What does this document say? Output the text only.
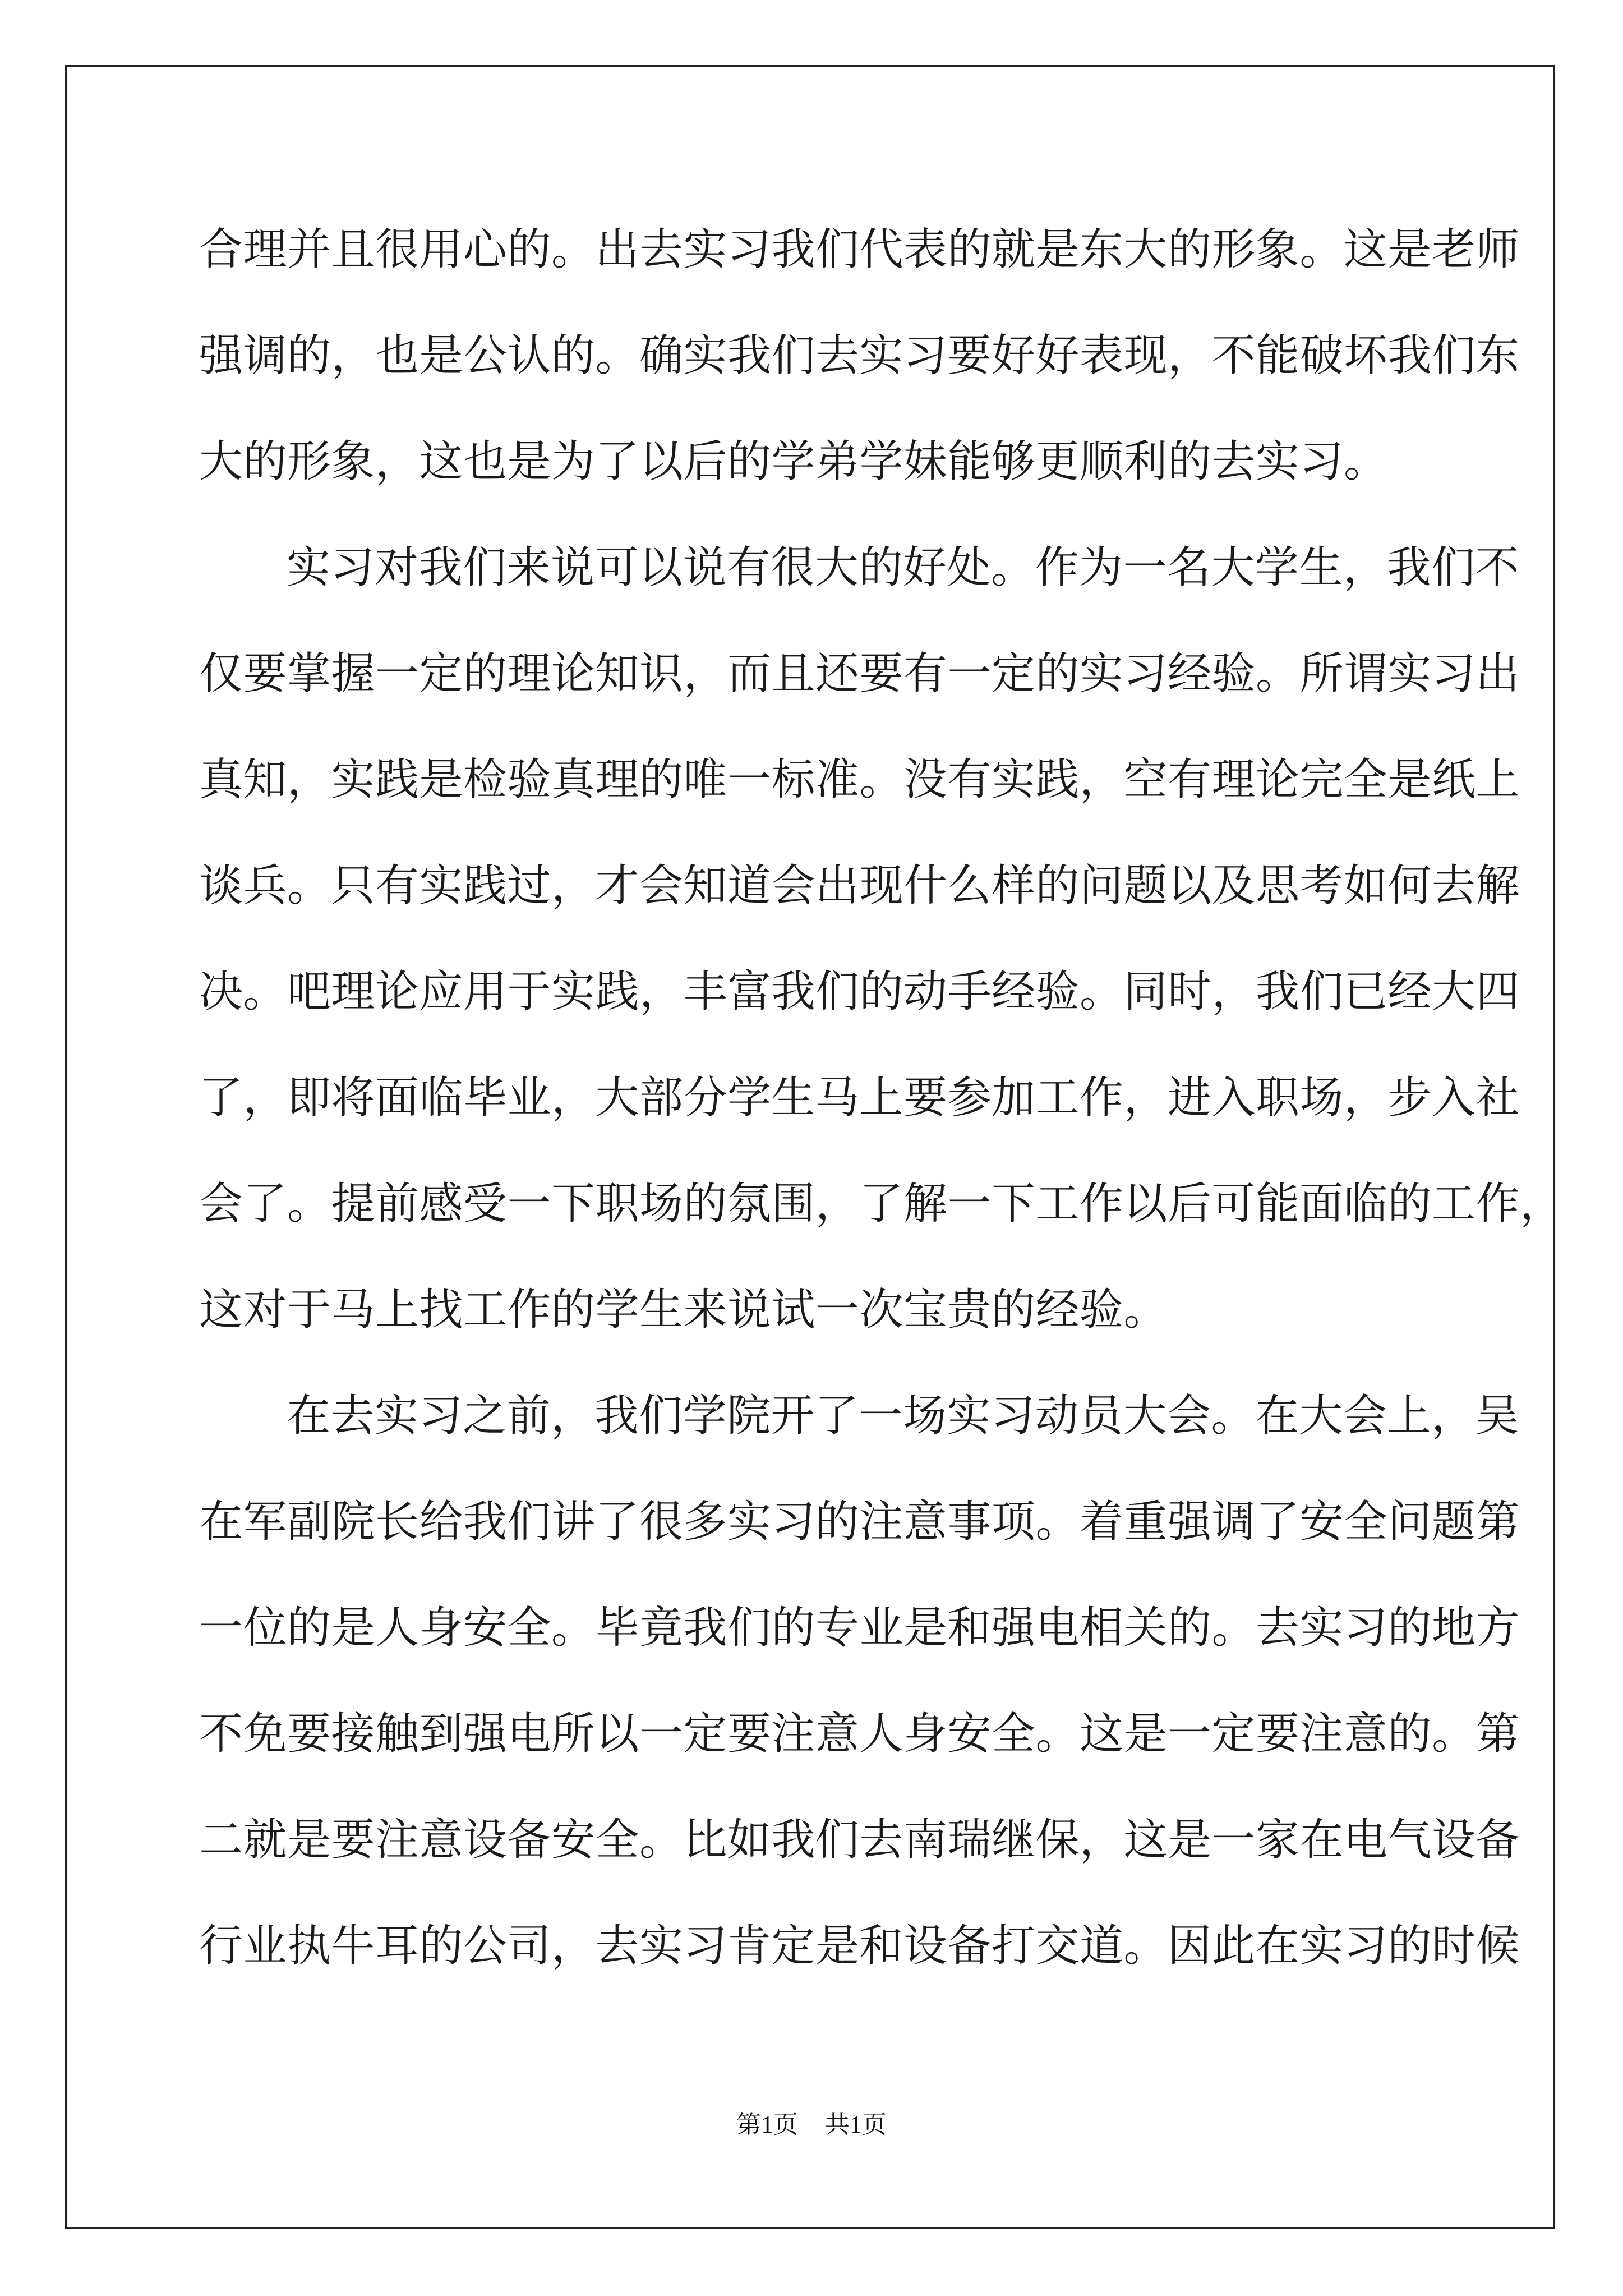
合理并且很用心的。出去实习我们代表的就是东大的形象。这是老师
强调的，也是公认的。确实我们去实习要好好表现，不能破坏我们东
大的形象，这也是为了以后的学弟学妹能够更顺利的去实习。
实习对我们来说可以说有很大的好处。作为一名大学生，我们不
仅要掌握一定的理论知识，而且还要有一定的实习经验。所谓实习出
真知，实践是检验真理的唯一标准。没有实践，空有理论完全是纸上
谈兵。只有实践过，才会知道会出现什么样的问题以及思考如何去解
决。吧理论应用于实践，丰富我们的动手经验。同时，我们已经大四
了，即将面临毕业，大部分学生马上要参加工作，进入职场，步入社
会了。提前感受一下职场的氛围，了解一下工作以后可能面临的工作，
这对于马上找工作的学生来说试一次宝贵的经验。
在去实习之前，我们学院开了一场实习动员大会。在大会上，吴
在军副院长给我们讲了很多实习的注意事项。着重强调了安全问题第
一位的是人身安全。毕竟我们的专业是和强电相关的。去实习的地方
不免要接触到强电所以一定要注意人身安全。这是一定要注意的。第
二就是要注意设备安全。比如我们去南瑞继保，这是一家在电气设备
行业执牛耳的公司，去实习肯定是和设备打交道。因此在实习的时候
第1页 共1页
